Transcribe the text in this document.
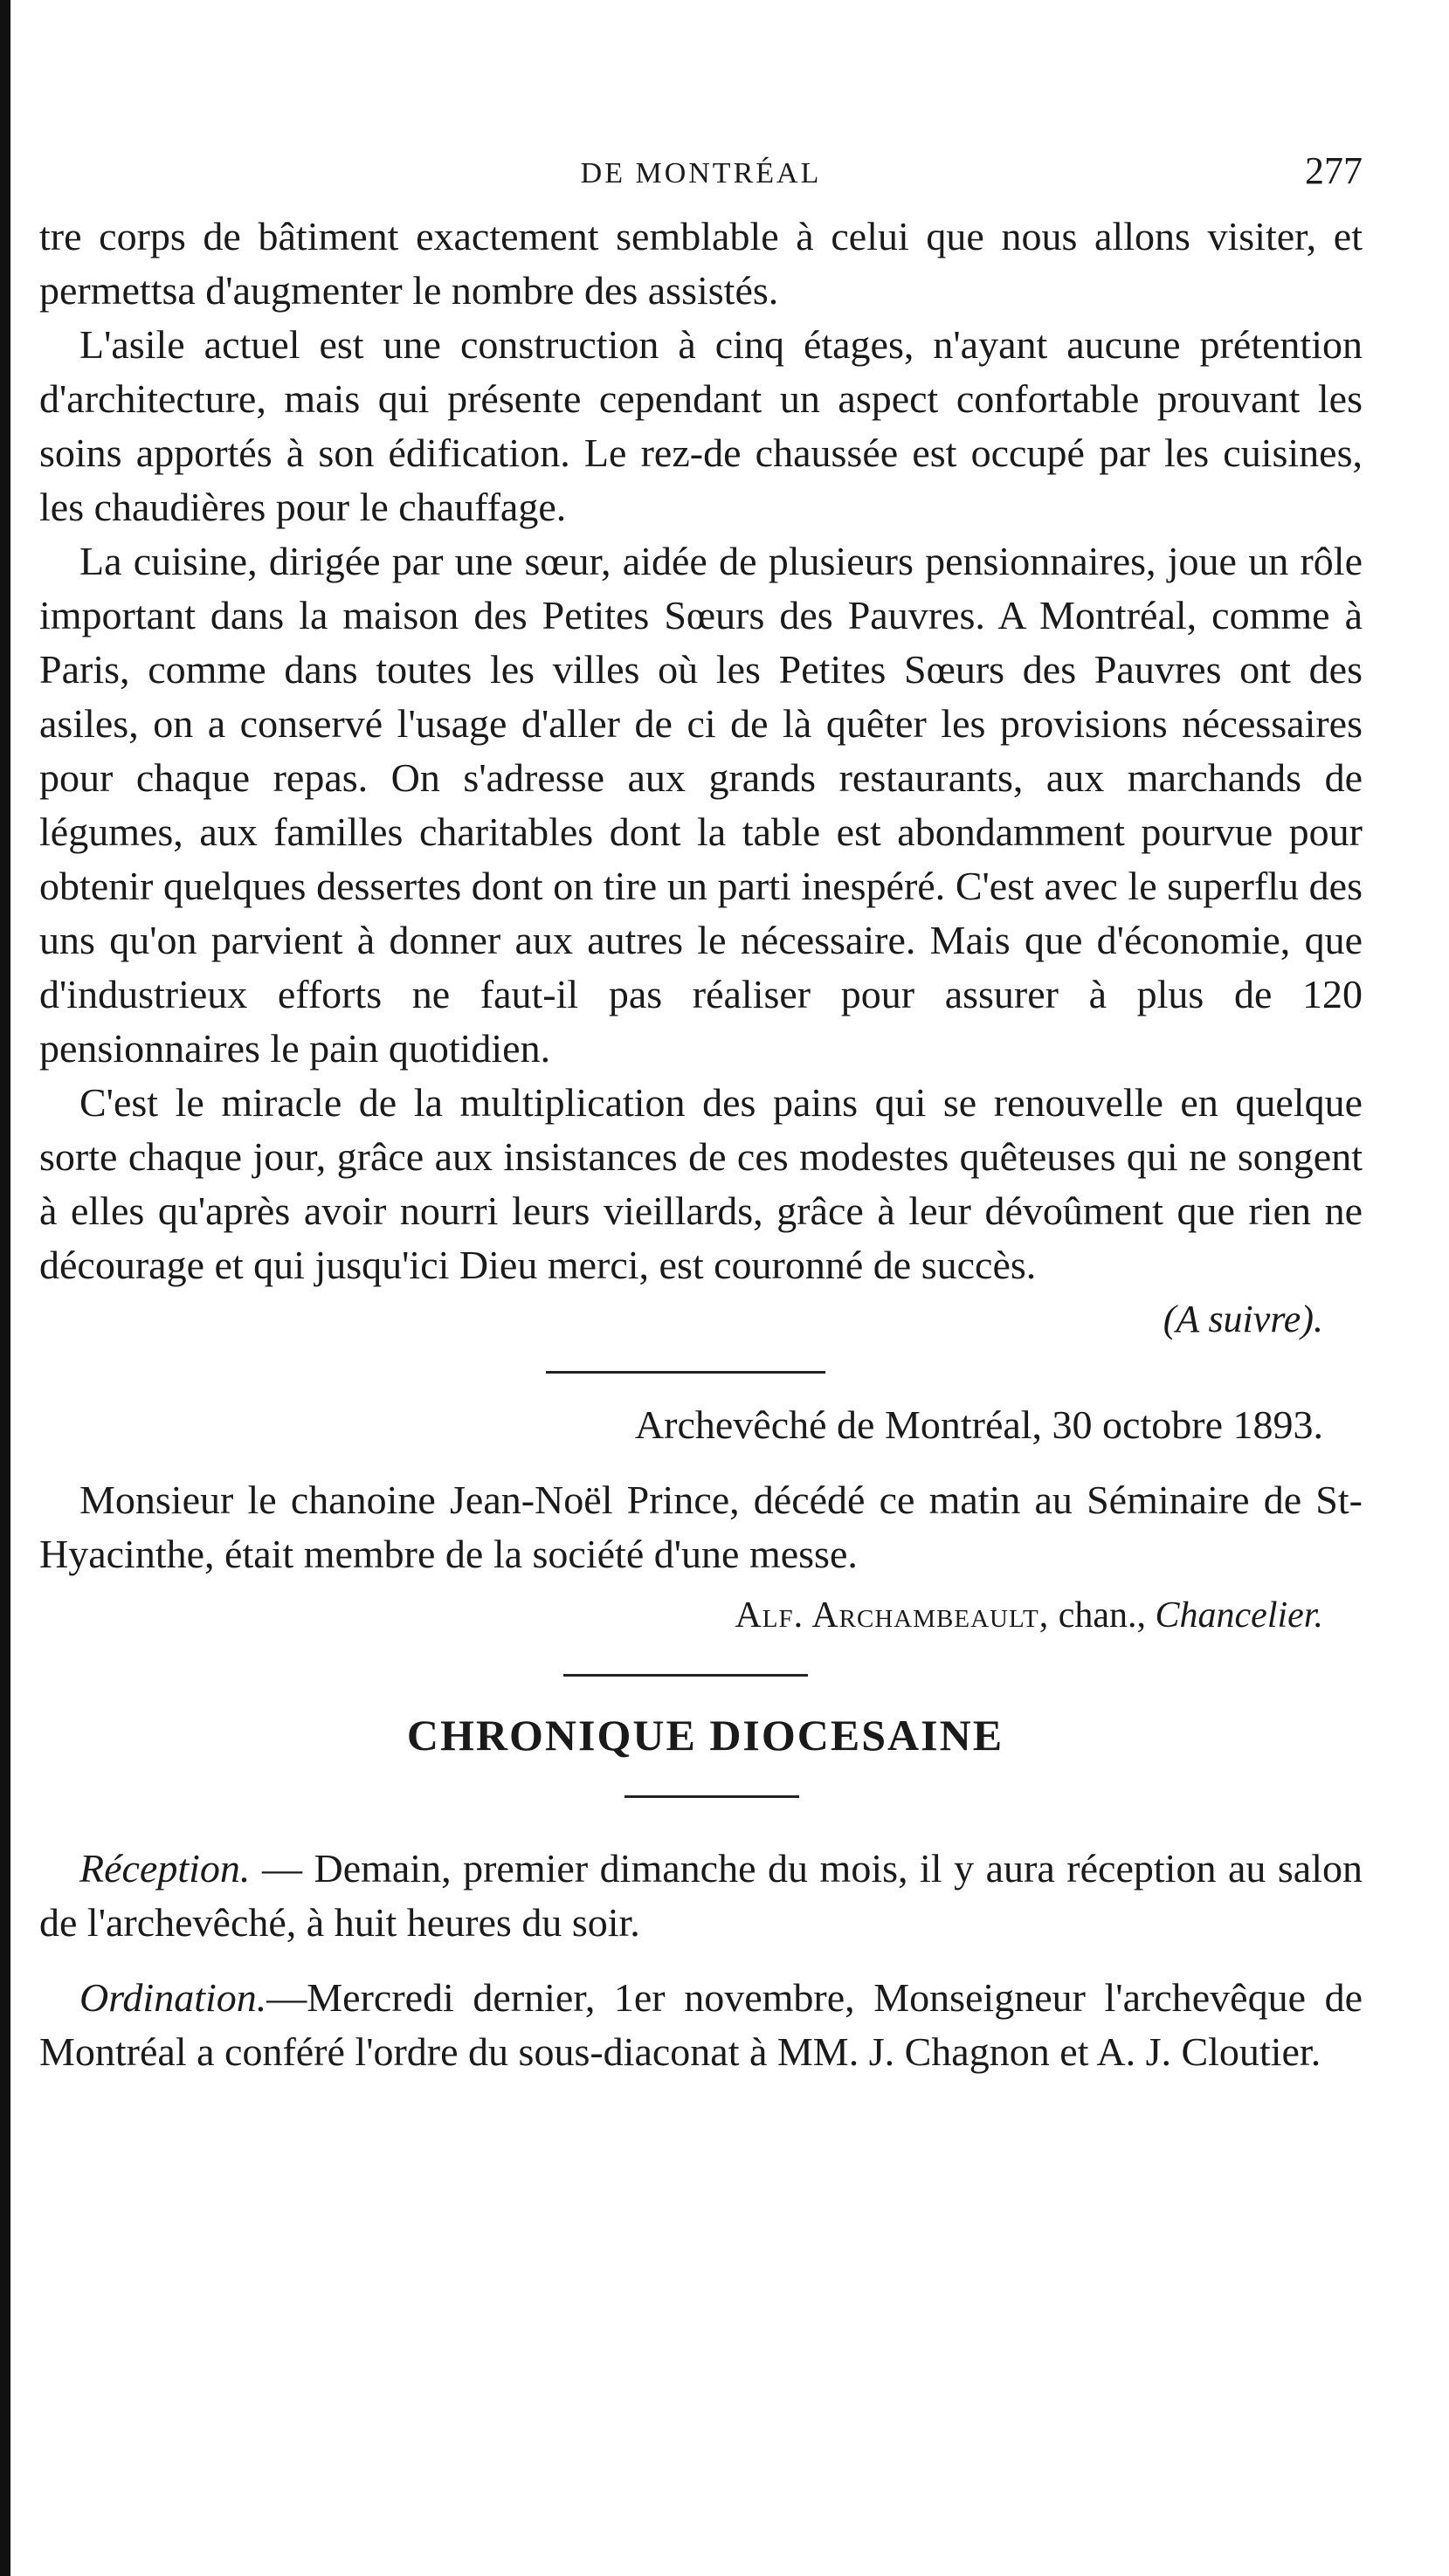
DE MONTRÉAL	277

tre corps de bâtiment exactement semblable à celui que nous allons visiter, et permettsa d'augmenter le nombre des assistés.

L'asile actuel est une construction à cinq étages, n'ayant aucune prétention d'architecture, mais qui présente cependant un aspect confortable prouvant les soins apportés à son édification. Le rez-de chaussée est occupé par les cuisines, les chaudières pour le chauffage.

La cuisine, dirigée par une sœur, aidée de plusieurs pensionnaires, joue un rôle important dans la maison des Petites Sœurs des Pauvres. A Montréal, comme à Paris, comme dans toutes les villes où les Petites Sœurs des Pauvres ont des asiles, on a conservé l'usage d'aller de ci de là quêter les provisions nécessaires pour chaque repas. On s'adresse aux grands restaurants, aux marchands de légumes, aux familles charitables dont la table est abondamment pourvue pour obtenir quelques dessertes dont on tire un parti inespéré. C'est avec le superflu des uns qu'on parvient à donner aux autres le nécessaire. Mais que d'économie, que d'industrieux efforts ne faut-il pas réaliser pour assurer à plus de 120 pensionnaires le pain quotidien.

C'est le miracle de la multiplication des pains qui se renouvelle en quelque sorte chaque jour, grâce aux insistances de ces modestes quêteuses qui ne songent à elles qu'après avoir nourri leurs vieillards, grâce à leur dévoûment que rien ne décourage et qui jusqu'ici Dieu merci, est couronné de succès.

(A suivre).
Archevêché de Montréal, 30 octobre 1893.

Monsieur le chanoine Jean-Noël Prince, décédé ce matin au Séminaire de St-Hyacinthe, était membre de la société d'une messe.

Alf. Archambeault, chan., Chancelier.
CHRONIQUE DIOCESAINE

Réception. — Demain, premier dimanche du mois, il y aura réception au salon de l'archevêché, à huit heures du soir.

Ordination.—Mercredi dernier, 1er novembre, Monseigneur l'archevêque de Montréal a conféré l'ordre du sous-diaconat à MM. J. Chagnon et A. J. Cloutier.
